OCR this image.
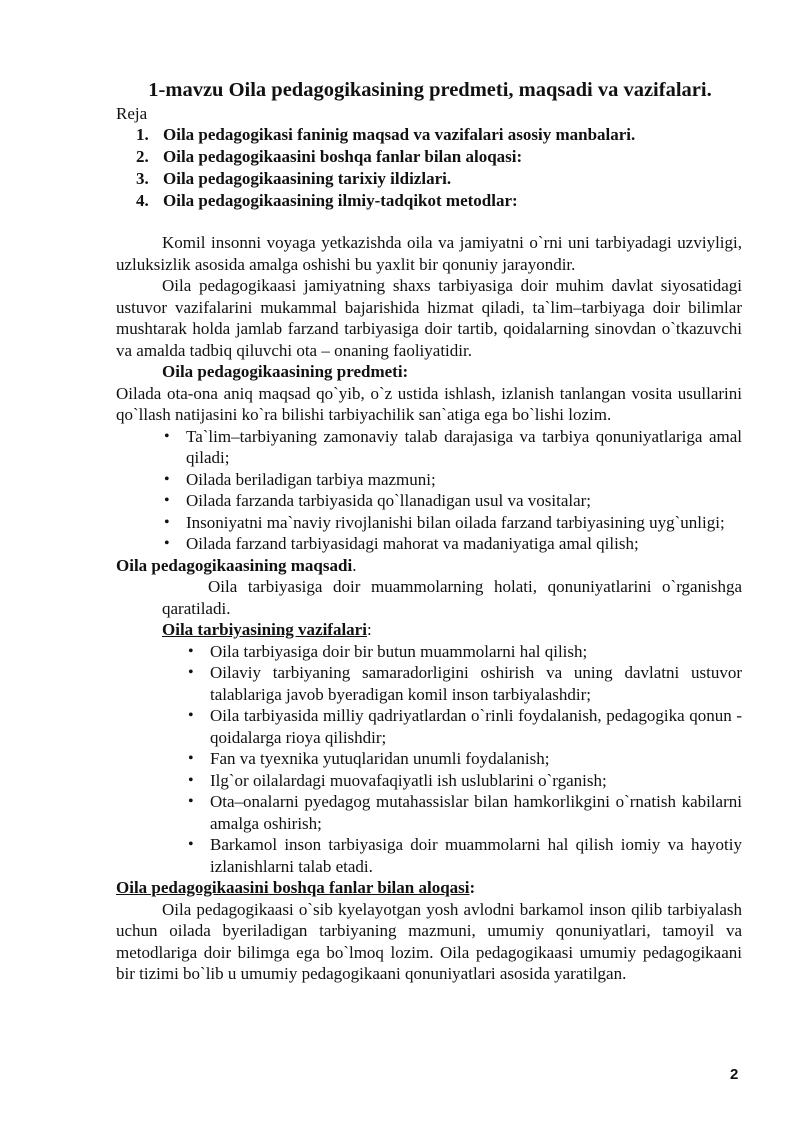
1-mavzu Oila pedagogikasining predmeti, maqsadi va vazifalari.
Reja
1. Oila pedagogikasi faninig maqsad va vazifalari asosiy manbalari.
2. Oila pedagogikaasini boshqa fanlar bilan aloqasi:
3. Oila pedagogikaasining tarixiy ildizlari.
4. Oila pedagogikaasining ilmiy-tadqikot metodlar:

Komil insonni voyaga yetkazishda oila va jamiyatni o`rni uni tarbiyadagi uzviyligi, uzluksizlik asosida amalga oshishi bu yaxlit bir qonuniy jarayondir.

Oila pedagogikaasi jamiyatning shaxs tarbiyasiga doir muhim davlat siyosatidagi ustuvor vazifalarini mukammal bajarishida hizmat qiladi, ta`lim–tarbiyaga doir bilimlar mushtarak holda jamlab farzand tarbiyasiga doir tartib, qoidalarning sinovdan o`tkazuvchi va amalda tadbiq qiluvchi ota – onaning faoliyatidir.

Oila pedagogikaasining predmeti:

Oilada ota-ona aniq maqsad qo`yib, o`z ustida ishlash, izlanish tanlangan vosita usullarini qo`llash natijasini ko`ra bilishi tarbiyachilik san`atiga ega bo`lishi lozim.

• Ta`lim–tarbiyaning zamonaviy talab darajasiga va tarbiya qonuniyatlariga amal qiladi;
• Oilada beriladigan tarbiya mazmuni;
• Oilada farzanda tarbiyasida qo`llanadigan usul va vositalar;
• Insoniyatni ma`naviy rivojlanishi bilan oilada farzand tarbiyasining uyg`unligi;
• Oilada farzand tarbiyasidagi mahorat va madaniyatiga amal qilish;
Oila pedagogikaasining maqsadi.

Oila tarbiyasiga doir muammolarning holati, qonuniyatlarini o`rganishga qaratiladi.

Oila tarbiyasining vazifalari:
• Oila tarbiyasiga doir bir butun muammolarni hal qilish;
• Oilaviy tarbiyaning samaradorligini oshirish va uning davlatni ustuvor talablariga javob byeradigan komil inson tarbiyalashdir;
• Oila tarbiyasida milliy qadriyatlardan o`rinli foydalanish, pedagogika qonun - qoidalarga rioya qilishdir;
• Fan va tyexnika yutuqlaridan unumli foydalanish;
• Ilg`or oilalardagi muovafaqiyatli ish uslublarini o`rganish;
• Ota–onalarni pyedagog mutahassislar bilan hamkorlikgini o`rnatish kabilarni amalga oshirish;
• Barkamol inson tarbiyasiga doir muammolarni hal qilish iomiy va hayotiy izlanishlarni talab etadi.
Oila pedagogikaasini boshqa fanlar bilan aloqasi:

Oila pedagogikaasi o`sib kyelayotgan yosh avlodni barkamol inson qilib tarbiyalash uchun oilada byeriladigan tarbiyaning mazmuni, umumiy qonuniyatlari, tamoyil va metodlariga doir bilimga ega bo`lmoq lozim. Oila pedagogikaasi umumiy pedagogikaani bir tizimi bo`lib u umumiy pedagogikaani qonuniyatlari asosida yaratilgan.

2
